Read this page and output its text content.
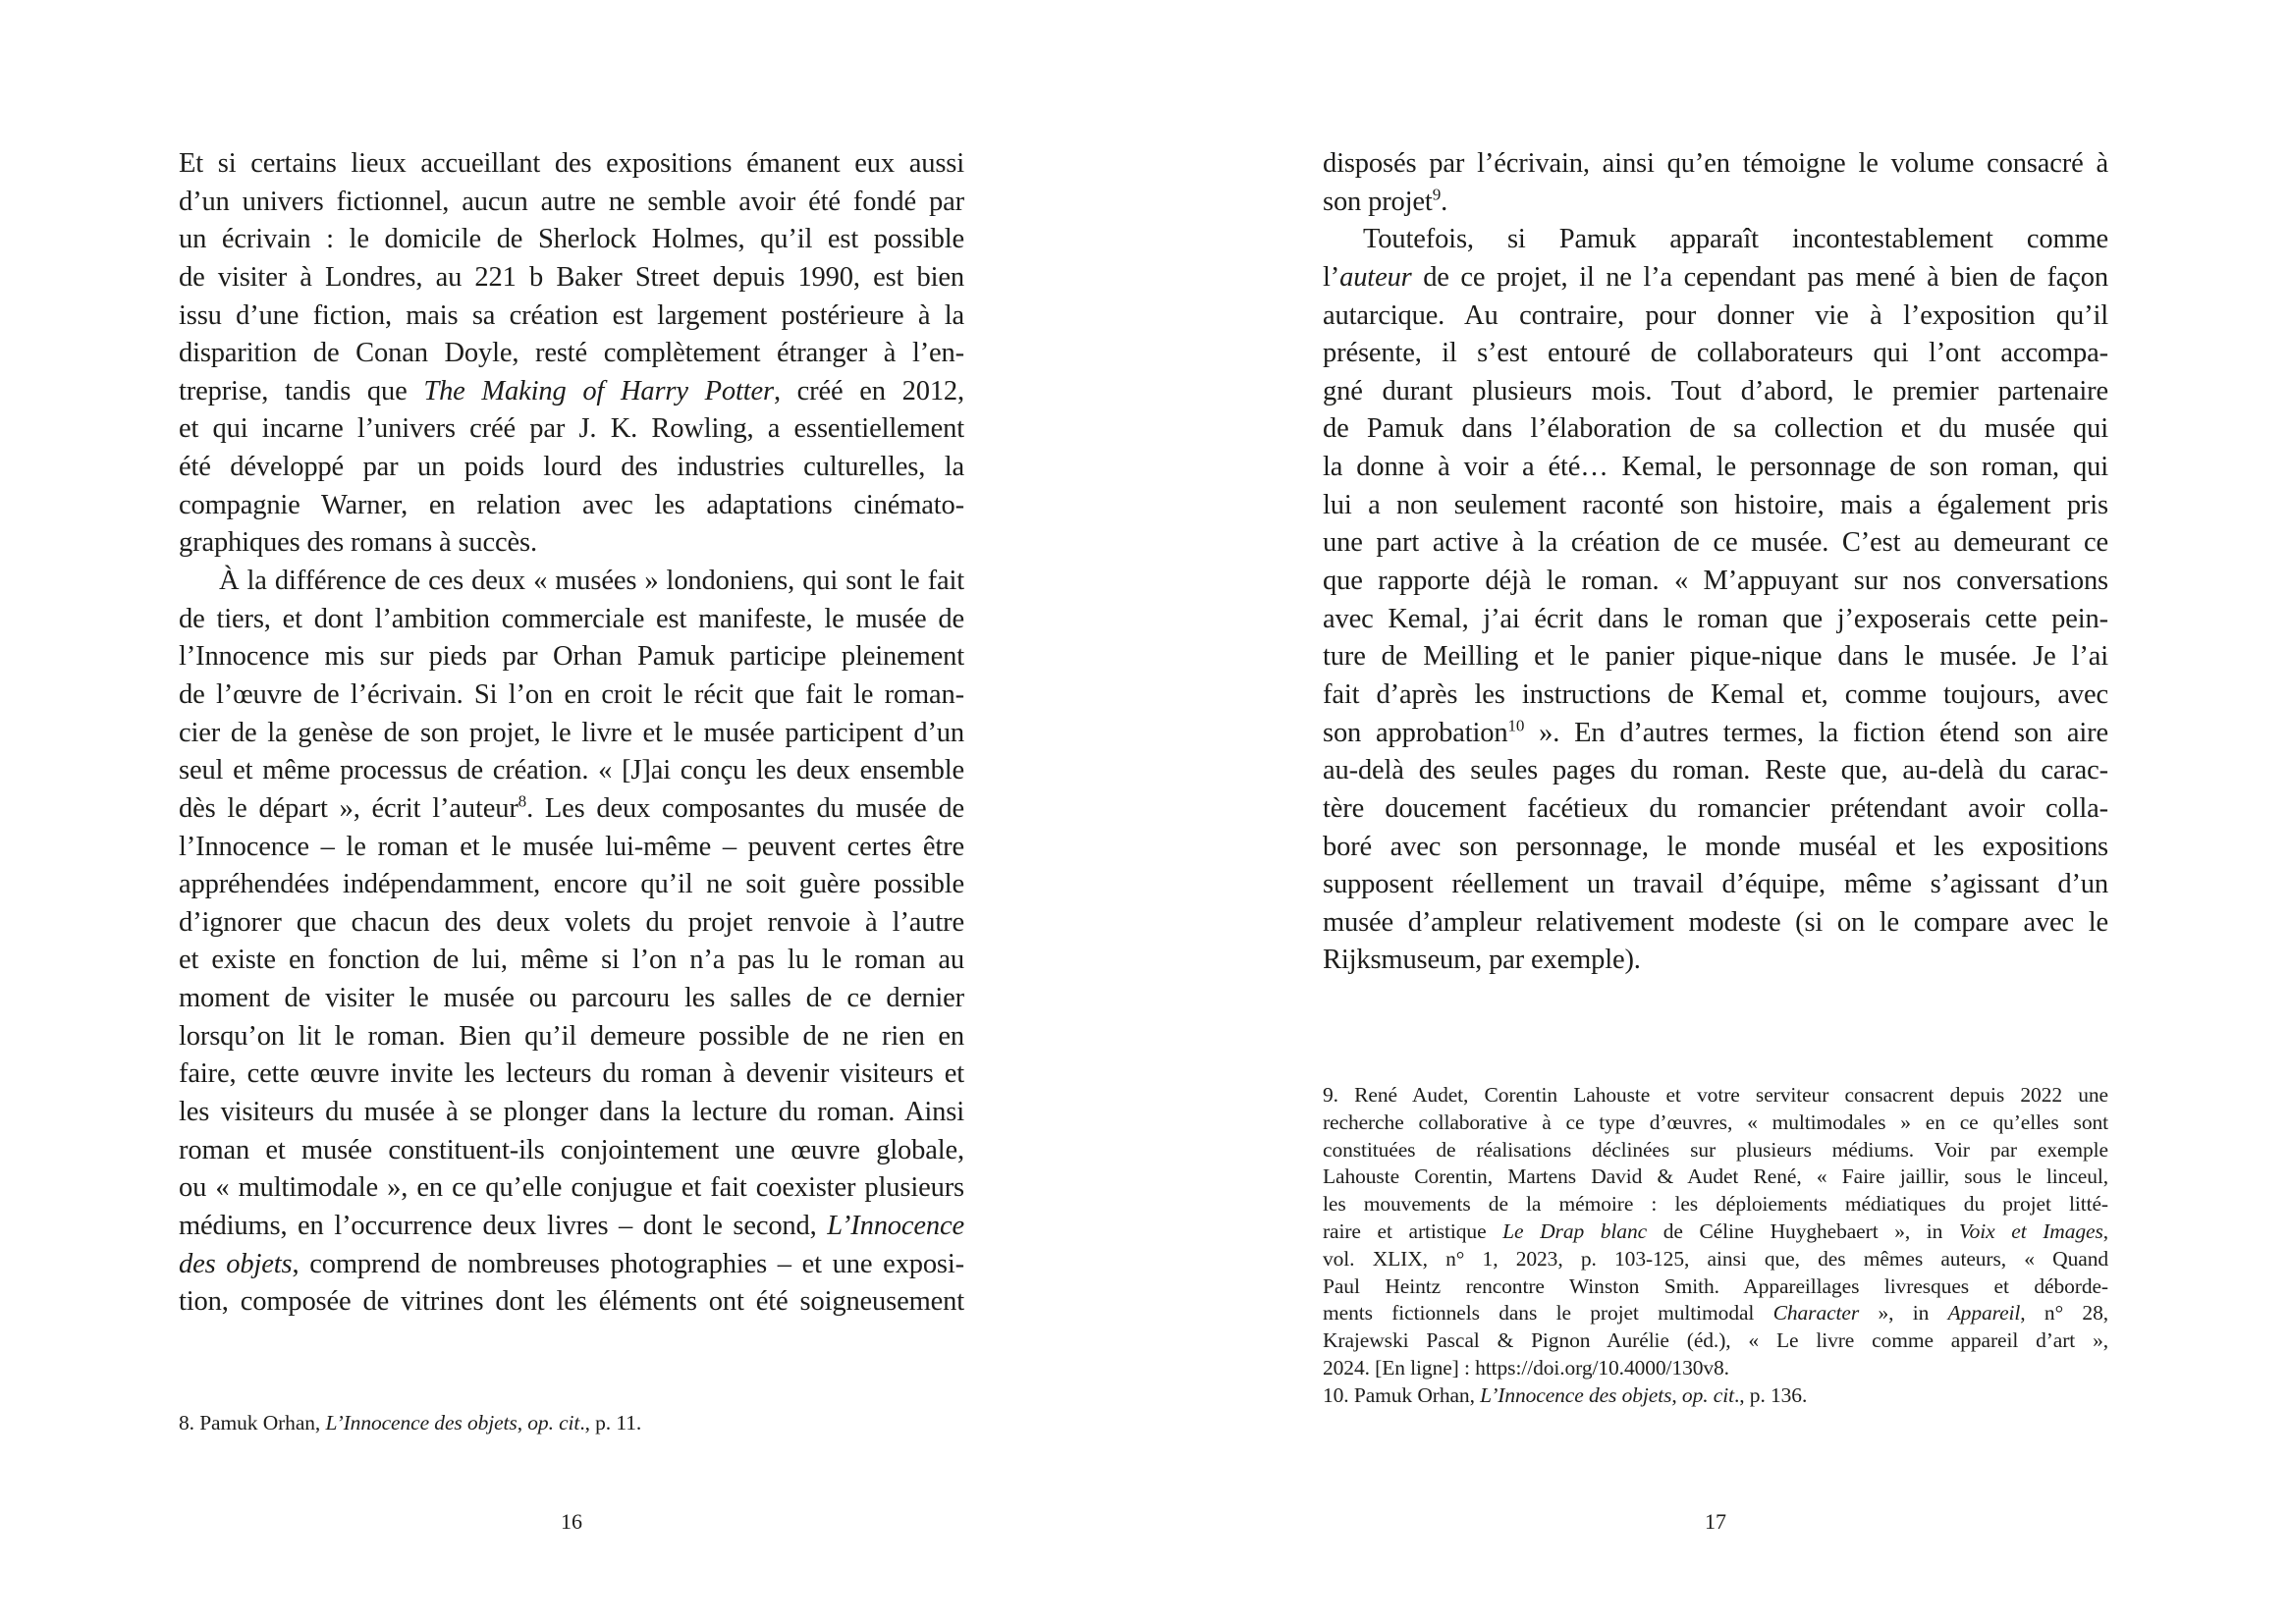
Et si certains lieux accueillant des expositions émanent eux aussi
d’un univers fictionnel, aucun autre ne semble avoir été fondé par
un écrivain : le domicile de Sherlock Holmes, qu’il est possible
de visiter à Londres, au 221 b Baker Street depuis 1990, est bien
issu d’une fiction, mais sa création est largement postérieure à la
disparition de Conan Doyle, resté complètement étranger à l’en-
treprise, tandis que The Making of Harry Potter, créé en 2012,
et qui incarne l’univers créé par J. K. Rowling, a essentiellement
été développé par un poids lourd des industries culturelles, la
compagnie Warner, en relation avec les adaptations cinémato-
graphiques des romans à succès.
À la différence de ces deux « musées » londoniens, qui sont le fait
de tiers, et dont l’ambition commerciale est manifeste, le musée de
l’Innocence mis sur pieds par Orhan Pamuk participe pleinement
de l’œuvre de l’écrivain. Si l’on en croit le récit que fait le roman-
cier de la genèse de son projet, le livre et le musée participent d’un
seul et même processus de création. « [J]ai conçu les deux ensemble
dès le départ », écrit l’auteur$^8$. Les deux composantes du musée de
l’Innocence – le roman et le musée lui-même – peuvent certes être
appréhendées indépendamment, encore qu’il ne soit guère possible
d’ignorer que chacun des deux volets du projet renvoie à l’autre
et existe en fonction de lui, même si l’on n’a pas lu le roman au
moment de visiter le musée ou parcouru les salles de ce dernier
lorsqu’on lit le roman. Bien qu’il demeure possible de ne rien en
faire, cette œuvre invite les lecteurs du roman à devenir visiteurs et
les visiteurs du musée à se plonger dans la lecture du roman. Ainsi
roman et musée constituent-ils conjointement une œuvre globale,
ou « multimodale », en ce qu’elle conjugue et fait coexister plusieurs
médiums, en l’occurrence deux livres – dont le second, L’Innocence
des objets, comprend de nombreuses photographies – et une exposi-
tion, composée de vitrines dont les éléments ont été soigneusement
8. Pamuk Orhan, L’Innocence des objets, op. cit., p. 11.
16
disposés par l’écrivain, ainsi qu’en témoigne le volume consacré à
son projet$^9$.
Toutefois, si Pamuk apparaît incontestablement comme
l’auteur de ce projet, il ne l’a cependant pas mené à bien de façon
autarcique. Au contraire, pour donner vie à l’exposition qu’il
présente, il s’est entouré de collaborateurs qui l’ont accompa-
gné durant plusieurs mois. Tout d’abord, le premier partenaire
de Pamuk dans l’élaboration de sa collection et du musée qui
la donne à voir a été… Kemal, le personnage de son roman, qui
lui a non seulement raconté son histoire, mais a également pris
une part active à la création de ce musée. C’est au demeurant ce
que rapporte déjà le roman. « M’appuyant sur nos conversations
avec Kemal, j’ai écrit dans le roman que j’exposerais cette pein-
ture de Meilling et le panier pique-nique dans le musée. Je l’ai
fait d’après les instructions de Kemal et, comme toujours, avec
son approbation$^{10}$ ». En d’autres termes, la fiction étend son aire
au-delà des seules pages du roman. Reste que, au-delà du carac-
tère doucement facétieux du romancier prétendant avoir colla-
boré avec son personnage, le monde muséal et les expositions
supposent réellement un travail d’équipe, même s’agissant d’un
musée d’ampleur relativement modeste (si on le compare avec le
Rijksmuseum, par exemple).
9. René Audet, Corentin Lahouste et votre serviteur consacrent depuis 2022 une
recherche collaborative à ce type d’œuvres, « multimodales » en ce qu’elles sont
constituées de réalisations déclinées sur plusieurs médiums. Voir par exemple
Lahouste Corentin, Martens David & Audet René, « Faire jaillir, sous le linceul,
les mouvements de la mémoire : les déploiements médiatiques du projet litté-
raire et artistique Le Drap blanc de Céline Huyghebaert », in Voix et Images,
vol. XLIX, n° 1, 2023, p. 103-125, ainsi que, des mêmes auteurs, « Quand
Paul Heintz rencontre Winston Smith. Appareillages livresques et déborde-
ments fictionnels dans le projet multimodal Character », in Appareil, n° 28,
Krajewski Pascal & Pignon Aurélie (éd.), « Le livre comme appareil d’art »,
2024. [En ligne] : https://doi.org/10.4000/130v8.
10. Pamuk Orhan, L’Innocence des objets, op. cit., p. 136.
17
